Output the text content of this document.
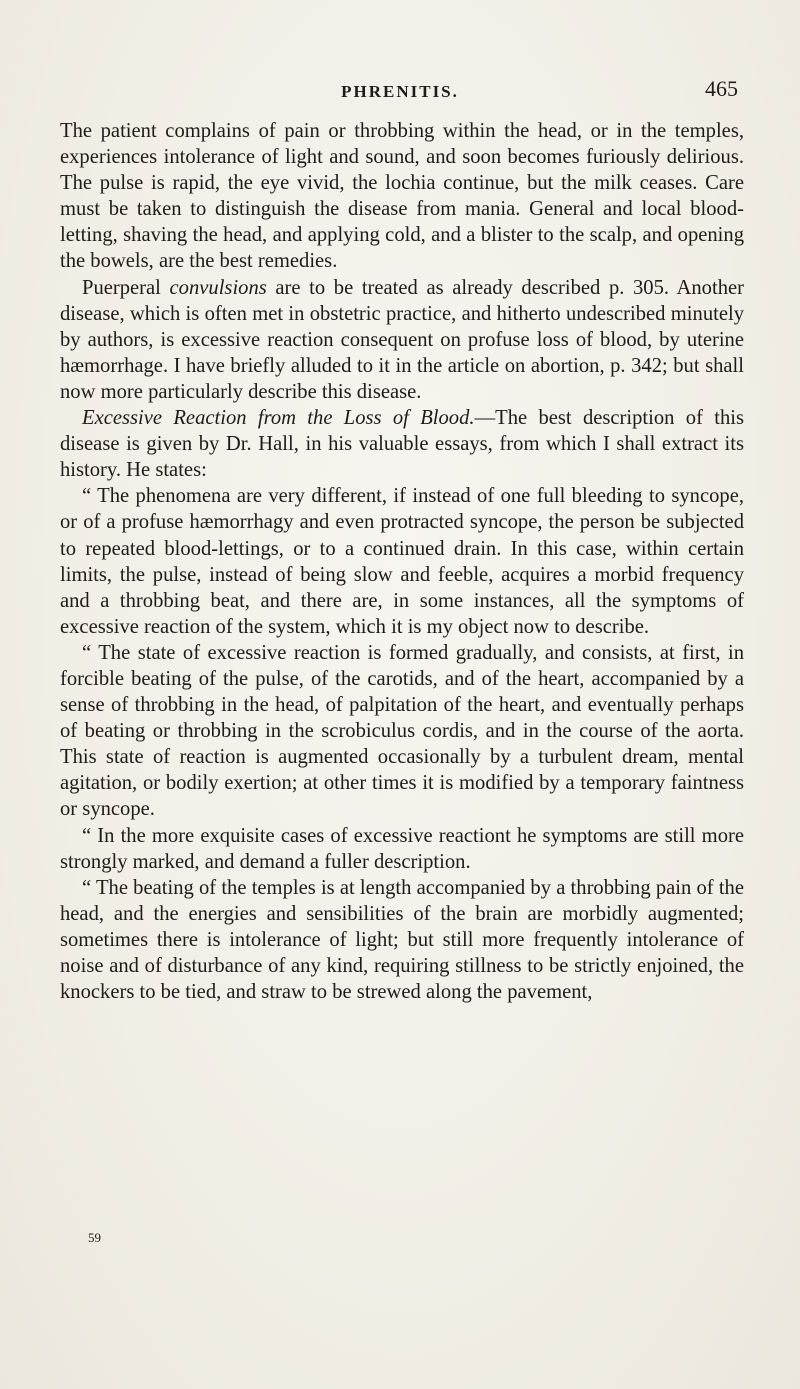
PHRENITIS.	465

The patient complains of pain or throbbing within the head, or in the temples, experiences intolerance of light and sound, and soon becomes furiously delirious. The pulse is rapid, the eye vivid, the lochia continue, but the milk ceases. Care must be taken to distinguish the disease from mania. General and local blood-letting, shaving the head, and applying cold, and a blister to the scalp, and opening the bowels, are the best remedies.

Puerperal convulsions are to be treated as already described p. 305. Another disease, which is often met in obstetric practice, and hitherto undescribed minutely by authors, is excessive reaction consequent on profuse loss of blood, by uterine hæmorrhage. I have briefly alluded to it in the article on abortion, p. 342; but shall now more particularly describe this disease.

Excessive Reaction from the Loss of Blood.—The best description of this disease is given by Dr. Hall, in his valuable essays, from which I shall extract its history. He states:

“ The phenomena are very different, if instead of one full bleeding to syncope, or of a profuse hæmorrhagy and even protracted syncope, the person be subjected to repeated blood-lettings, or to a continued drain. In this case, within certain limits, the pulse, instead of being slow and feeble, acquires a morbid frequency and a throbbing beat, and there are, in some instances, all the symptoms of excessive reaction of the system, which it is my object now to describe.

“ The state of excessive reaction is formed gradually, and consists, at first, in forcible beating of the pulse, of the carotids, and of the heart, accompanied by a sense of throbbing in the head, of palpitation of the heart, and eventually perhaps of beating or throbbing in the scrobiculus cordis, and in the course of the aorta. This state of reaction is augmented occasionally by a turbulent dream, mental agitation, or bodily exertion; at other times it is modified by a temporary faintness or syncope.

“ In the more exquisite cases of excessive reactiont he symptoms are still more strongly marked, and demand a fuller description.

“ The beating of the temples is at length accompanied by a throbbing pain of the head, and the energies and sensibilities of the brain are morbidly augmented; sometimes there is intolerance of light; but still more frequently intolerance of noise and of disturbance of any kind, requiring stillness to be strictly enjoined, the knockers to be tied, and straw to be strewed along the pavement,

59
